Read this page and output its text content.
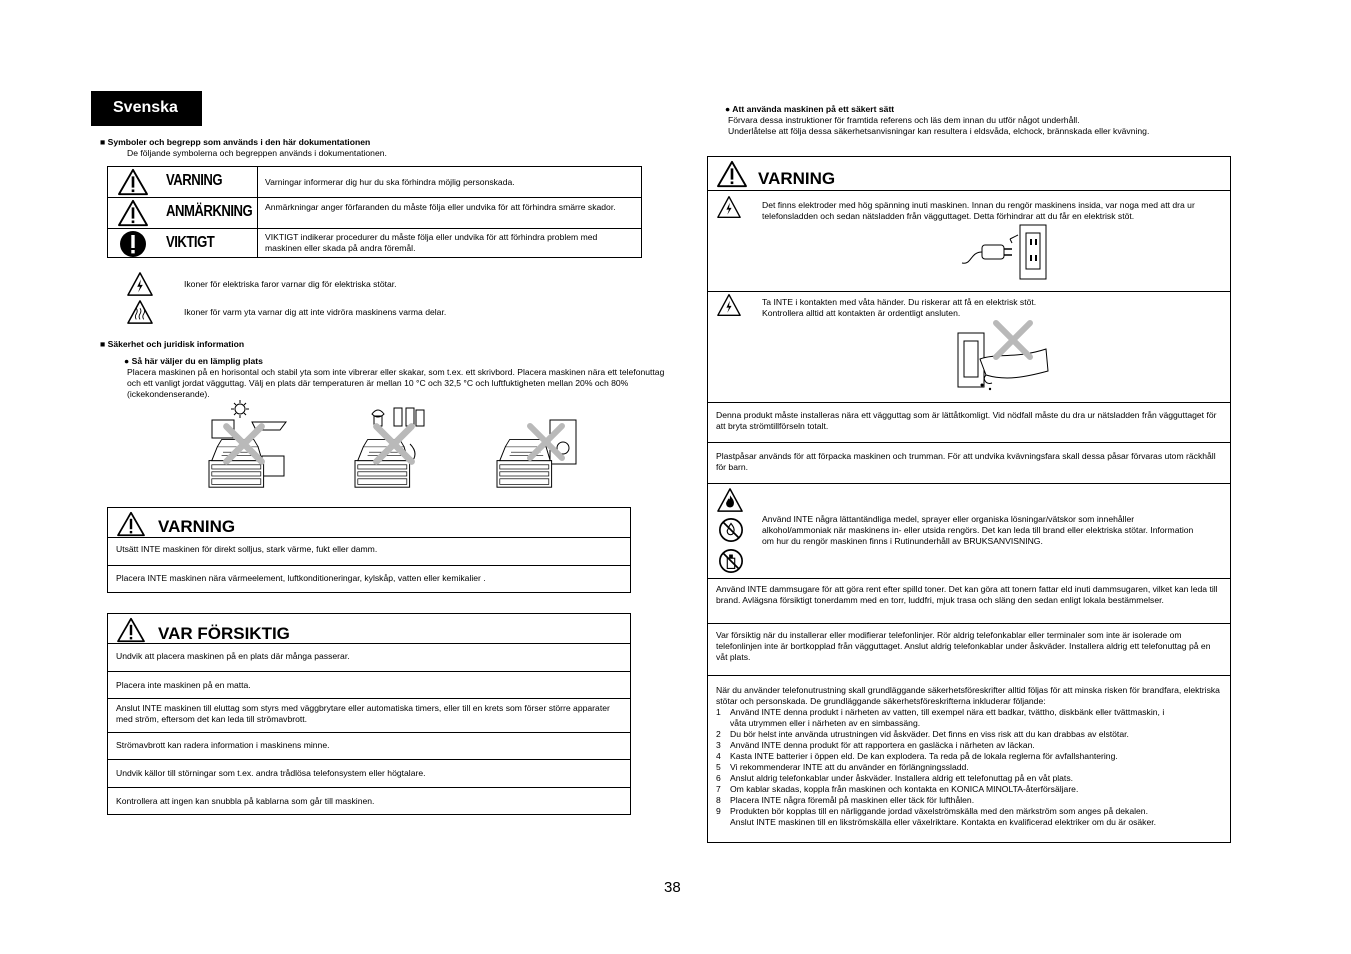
Svenska
■ Symboler och begrepp som används i den här dokumentationen
De följande symbolerna och begreppen används i dokumentationen.
VARNING	Varningar informerar dig hur du ska förhindra möjlig personskada.
ANMÄRKNING Anmärkningar anger förfaranden du måste följa eller undvika för att förhindra smärre skador.
VIKTIGT	VIKTIGT indikerar procedurer du måste följa eller undvika för att förhindra problem med maskinen eller skada på andra föremål.
Ikoner för elektriska faror varnar dig för elektriska stötar.
Ikoner för varm yta varnar dig att inte vidröra maskinens varma delar.
■ Säkerhet och juridisk information
● Så här väljer du en lämplig plats
Placera maskinen på en horisontal och stabil yta som inte vibrerar eller skakar, som t.ex. ett skrivbord. Placera maskinen nära ett telefonuttag och ett vanligt jordat vägguttag. Välj en plats där temperaturen är mellan 10 °C och 32,5 °C och luftfuktigheten mellan 20% och 80% (ickekondenserande).
VARNING
Utsätt INTE maskinen för direkt solljus, stark värme, fukt eller damm.
Placera INTE maskinen nära värmeelement, luftkonditioneringar, kylskåp, vatten eller kemikalier .
VAR FÖRSIKTIG
Undvik att placera maskinen på en plats där många passerar.
Placera inte maskinen på en matta.
Anslut INTE maskinen till eluttag som styrs med väggbrytare eller automatiska timers, eller till en krets som förser större apparater med ström, eftersom det kan leda till strömavbrott.
Strömavbrott kan radera information i maskinens minne.
Undvik källor till störningar som t.ex. andra trådlösa telefonsystem eller högtalare.
Kontrollera att ingen kan snubbla på kablarna som går till maskinen.
● Att använda maskinen på ett säkert sätt
Förvara dessa instruktioner för framtida referens och läs dem innan du utför något underhåll.
Underlåtelse att följa dessa säkerhetsanvisningar kan resultera i eldsvåda, elchock, brännskada eller kvävning.
VARNING
Det finns elektroder med hög spänning inuti maskinen. Innan du rengör maskinens insida, var noga med att dra ur telefonsladden och sedan nätsladden från vägguttaget. Detta förhindrar att du får en elektrisk stöt.
Ta INTE i kontakten med våta händer. Du riskerar att få en elektrisk stöt.
Kontrollera alltid att kontakten är ordentligt ansluten.
Denna produkt måste installeras nära ett vägguttag som är lättåtkomligt. Vid nödfall måste du dra ur nätsladden från vägguttaget för att bryta strömtillförseln totalt.
Plastpåsar används för att förpacka maskinen och trumman. För att undvika kvävningsfara skall dessa påsar förvaras utom räckhåll för barn.
Använd INTE några lättantändliga medel, sprayer eller organiska lösningar/vätskor som innehåller alkohol/ammoniak när maskinens in- eller utsida rengörs. Det kan leda till brand eller elektriska stötar. Information om hur du rengör maskinen finns i Rutinunderhåll av BRUKSANVISNING.
Använd INTE dammsugare för att göra rent efter spilld toner. Det kan göra att tonern fattar eld inuti dammsugaren, vilket kan leda till brand. Avlägsna försiktigt tonerdamm med en torr, luddfri, mjuk trasa och släng den sedan enligt lokala bestämmelser.
Var försiktig när du installerar eller modifierar telefonlinjer. Rör aldrig telefonkablar eller terminaler som inte är isolerade om telefonlinjen inte är bortkopplad från vägguttaget. Anslut aldrig telefonkablar under åskväder. Installera aldrig ett telefonuttag på en våt plats.
När du använder telefonutrustning skall grundläggande säkerhetsföreskrifter alltid följas för att minska risken för brandfara, elektriska stötar och personskada. De grundläggande säkerhetsföreskrifterna inkluderar följande:
1 Använd INTE denna produkt i närheten av vatten, till exempel nära ett badkar, tvättho, diskbänk eller tvättmaskin, i
våta utrymmen eller i närheten av en simbassäng.
2 Du bör helst inte använda utrustningen vid åskväder. Det finns en viss risk att du kan drabbas av elstötar.
3 Använd INTE denna produkt för att rapportera en gasläcka i närheten av läckan.
4 Kasta INTE batterier i öppen eld. De kan explodera. Ta reda på de lokala reglerna för avfallshantering.
5 Vi rekommenderar INTE att du använder en förlängningssladd.
6 Anslut aldrig telefonkablar under åskväder. Installera aldrig ett telefonuttag på en våt plats.
7 Om kablar skadas, koppla från maskinen och kontakta en KONICA MINOLTA-återförsäljare.
8 Placera INTE några föremål på maskinen eller täck för lufthålen.
9 Produkten bör kopplas till en närliggande jordad växelströmskälla med den märkström som anges på dekalen.
Anslut INTE maskinen till en likströmskälla eller växelriktare. Kontakta en kvalificerad elektriker om du är osäker.
38
